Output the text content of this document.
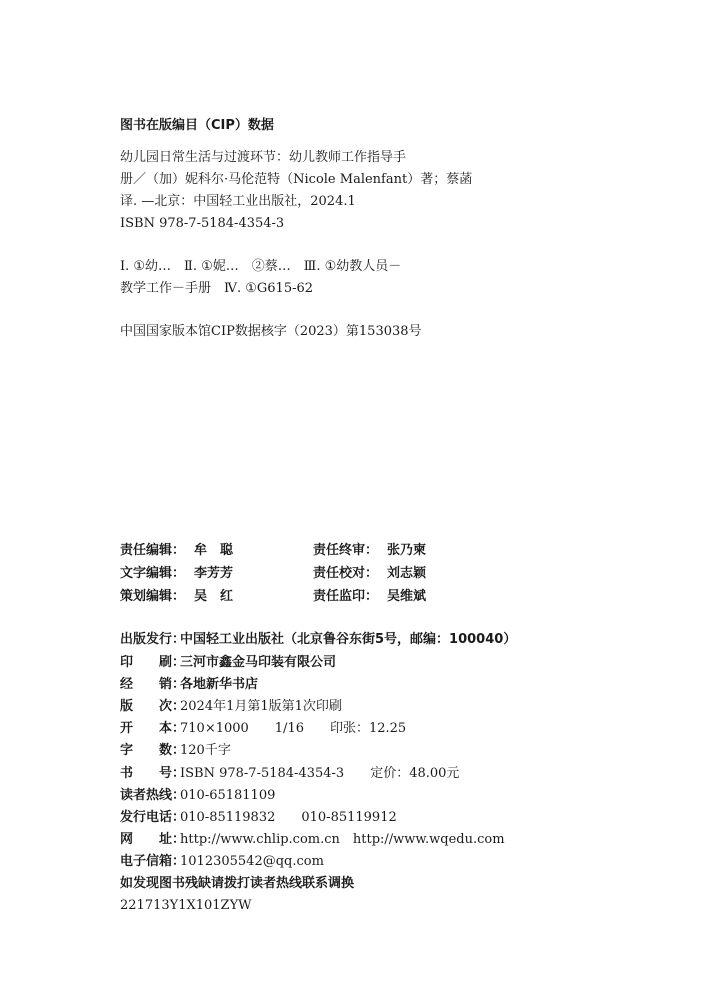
图书在版编目（CIP）数据
幼儿园日常生活与过渡环节：幼儿教师工作指导手
册／（加）妮科尔·马伦范特（Nicole Malenfant）著；蔡菡
译. —北京：中国轻工业出版社，2024.1
ISBN 978-7-5184-4354-3
Ⅰ. ①幼…　Ⅱ. ①妮…　②蔡…　Ⅲ. ①幼教人员－
教学工作－手册　Ⅳ. ①G615-62
中国国家版本馆CIP数据核字（2023）第153038号
责任编辑： 牟　聪	责任终审： 张乃柬
文字编辑： 李芳芳	责任校对： 刘志颖
策划编辑： 吴　红	责任监印： 吴维斌
出版发行：中国轻工业出版社（北京鲁谷东街5号，邮编：100040）
印　　刷：三河市鑫金马印装有限公司
经　　销：各地新华书店
版　　次：2024年1月第1版第1次印刷
开　　本：710×1000　　1/16　　印张：12.25
字　　数：120千字
书　　号：ISBN 978-7-5184-4354-3　　定价：48.00元
读者热线：010-65181109
发行电话：010-85119832　　010-85119912
网　　址：http://www.chlip.com.cn　http://www.wqedu.com
电子信箱：1012305542@qq.com
如发现图书残缺请拨打读者热线联系调换
221713Y1X101ZYW
